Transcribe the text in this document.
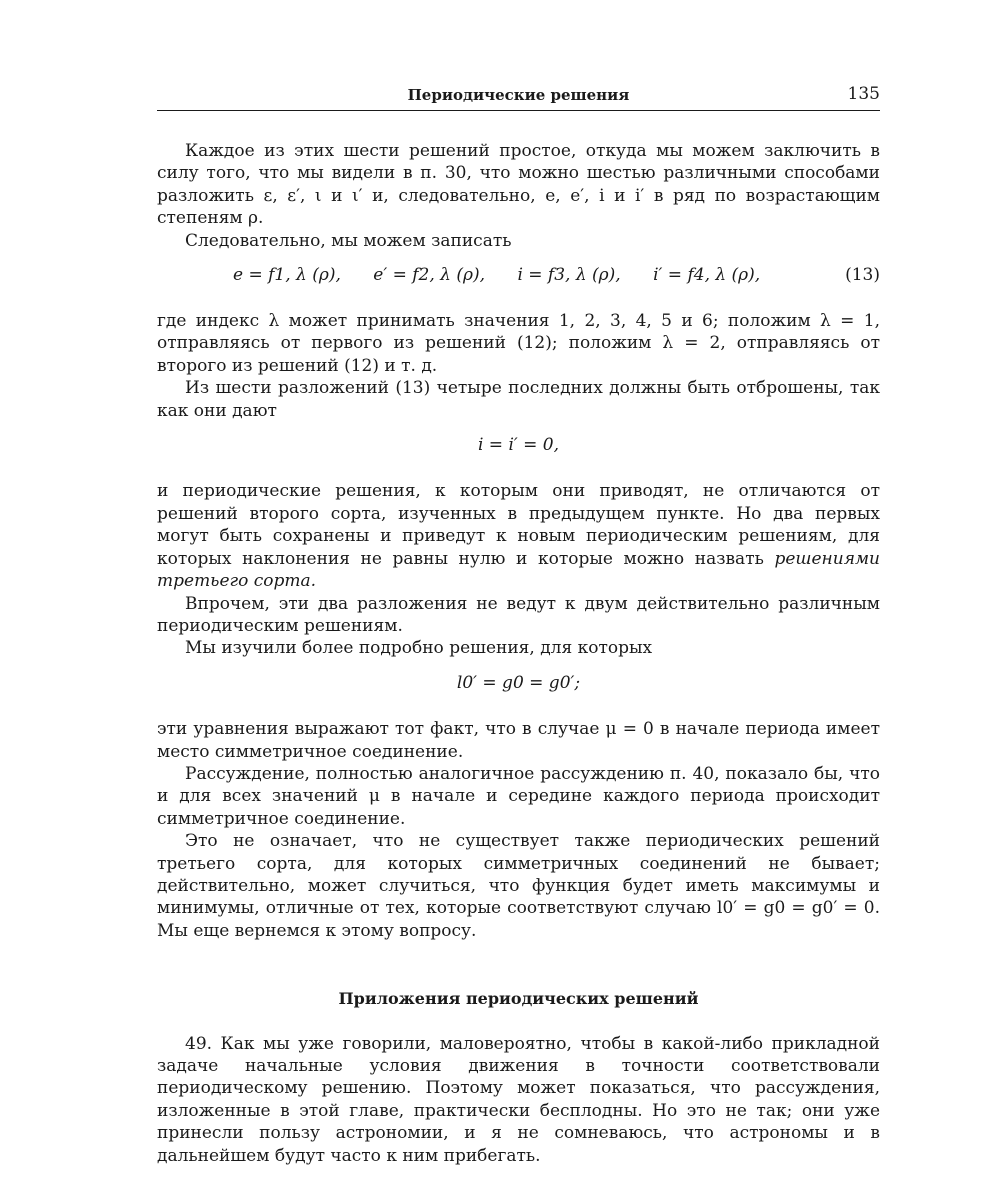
Периодические решения	135

Каждое из этих шести решений простое, откуда мы можем заключить в силу того, что мы видели в п. 30, что можно шестью различными способами разложить ε, ε′, ι и ι′ и, следовательно, e, e′, i и i′ в ряд по возрастающим степеням ρ.

Следовательно, мы можем записать

e = f1, λ (ρ),      e′ = f2, λ (ρ),      i = f3, λ (ρ),      i′ = f4, λ (ρ),	(13)

где индекс λ может принимать значения 1, 2, 3, 4, 5 и 6; положим λ = 1, отправляясь от первого из решений (12); положим λ = 2, отправляясь от второго из решений (12) и т. д.

Из шести разложений (13) четыре последних должны быть отброшены, так как они дают

i = i′ = 0,

и периодические решения, к которым они приводят, не отличаются от решений второго сорта, изученных в предыдущем пункте. Но два первых могут быть сохранены и приведут к новым периодическим решениям, для которых наклонения не равны нулю и которые можно назвать решениями третьего сорта.

Впрочем, эти два разложения не ведут к двум действительно различным периодическим решениям.

Мы изучили более подробно решения, для которых

l0′ = g0 = g0′;

эти уравнения выражают тот факт, что в случае μ = 0 в начале периода имеет место симметричное соединение.

Рассуждение, полностью аналогичное рассуждению п. 40, показало бы, что и для всех значений μ в начале и середине каждого периода происходит симметричное соединение.

Это не означает, что не существует также периодических решений третьего сорта, для которых симметричных соединений не бывает; действительно, может случиться, что функция будет иметь максимумы и минимумы, отличные от тех, которые соответствуют случаю l0′ = g0 = g0′ = 0. Мы еще вернемся к этому вопросу.

Приложения периодических решений

49. Как мы уже говорили, маловероятно, чтобы в какой-либо прикладной задаче начальные условия движения в точности соответствовали периодическому решению. Поэтому может показаться, что рассуждения, изложенные в этой главе, практически бесплодны. Но это не так; они уже принесли пользу астрономии, и я не сомневаюсь, что астрономы и в дальнейшем будут часто к ним прибегать.
